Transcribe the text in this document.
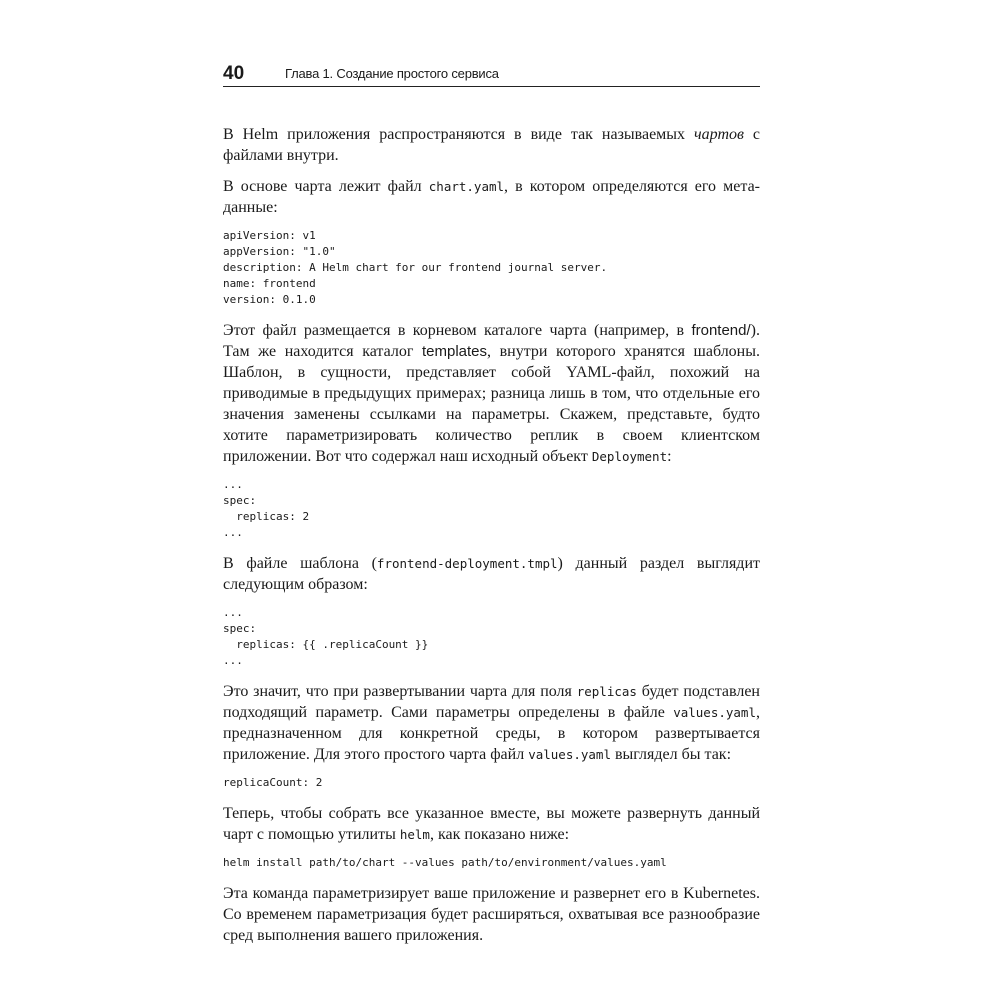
40	Глава 1. Создание простого сервиса

В Helm приложения распространяются в виде так называемых чартов с файлами внутри.

В основе чарта лежит файл chart.yaml, в котором определяются его мета-данные:

apiVersion: v1
appVersion: "1.0"
description: A Helm chart for our frontend journal server.
name: frontend
version: 0.1.0

Этот файл размещается в корневом каталоге чарта (например, в frontend/). Там же находится каталог templates, внутри которого хранятся шаблоны. Шаблон, в сущности, представляет собой YAML-файл, похожий на приводимые в предыдущих примерах; разница лишь в том, что отдельные его значения заменены ссылками на параметры. Скажем, представьте, будто хотите параметризировать количество реплик в своем клиентском приложении. Вот что содержал наш исходный объект Deployment:

...
spec:
replicas: 2
...

В файле шаблона (frontend-deployment.tmpl) данный раздел выглядит следующим образом:

...
spec:
replicas: {{ .replicaCount }}
...

Это значит, что при развертывании чарта для поля replicas будет подставлен подходящий параметр. Сами параметры определены в файле values.yaml, предназначенном для конкретной среды, в котором развертывается приложение. Для этого простого чарта файл values.yaml выглядел бы так:

replicaCount: 2

Теперь, чтобы собрать все указанное вместе, вы можете развернуть данный чарт с помощью утилиты helm, как показано ниже:

helm install path/to/chart --values path/to/environment/values.yaml

Эта команда параметризирует ваше приложение и развернет его в Kubernetes. Со временем параметризация будет расширяться, охватывая все разнообразие сред выполнения вашего приложения.
